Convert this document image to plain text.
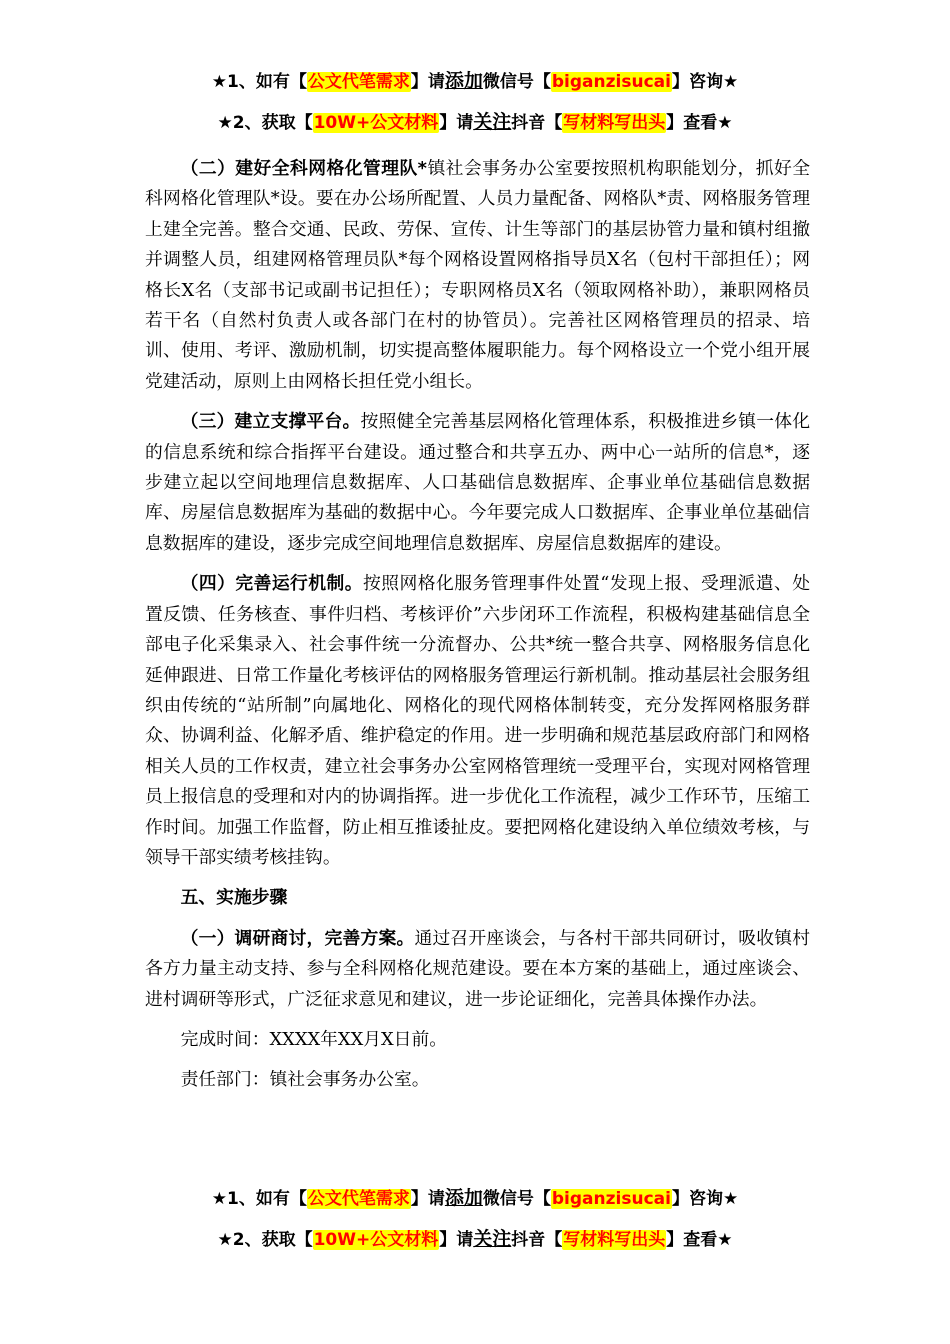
★1、如有【公文代笔需求】请添加微信号【biganzisucai】咨询★
★2、获取【10W+公文材料】请关注抖音【写材料写出头】查看★

（二）建好全科网格化管理队*镇社会事务办公室要按照机构职能划分，抓好全科网格化管理队*设。要在办公场所配置、人员力量配备、网格队*责、网格服务管理上建全完善。整合交通、民政、劳保、宣传、计生等部门的基层协管力量和镇村组撤并调整人员，组建网格管理员队*每个网格设置网格指导员X名（包村干部担任）；网格长X名（支部书记或副书记担任）；专职网格员X名（领取网格补助），兼职网格员若干名（自然村负责人或各部门在村的协管员）。完善社区网格管理员的招录、培训、使用、考评、激励机制，切实提高整体履职能力。每个网格设立一个党小组开展党建活动，原则上由网格长担任党小组长。

（三）建立支撑平台。按照健全完善基层网格化管理体系，积极推进乡镇一体化的信息系统和综合指挥平台建设。通过整合和共享五办、两中心一站所的信息*，逐步建立起以空间地理信息数据库、人口基础信息数据库、企事业单位基础信息数据库、房屋信息数据库为基础的数据中心。今年要完成人口数据库、企事业单位基础信息数据库的建设，逐步完成空间地理信息数据库、房屋信息数据库的建设。

（四）完善运行机制。按照网格化服务管理事件处置“发现上报、受理派遣、处置反馈、任务核查、事件归档、考核评价”六步闭环工作流程，积极构建基础信息全部电子化采集录入、社会事件统一分流督办、公共*统一整合共享、网格服务信息化延伸跟进、日常工作量化考核评估的网格服务管理运行新机制。推动基层社会服务组织由传统的“站所制”向属地化、网格化的现代网格体制转变，充分发挥网格服务群众、协调利益、化解矛盾、维护稳定的作用。进一步明确和规范基层政府部门和网格相关人员的工作权责，建立社会事务办公室网格管理统一受理平台，实现对网格管理员上报信息的受理和对内的协调指挥。进一步优化工作流程，减少工作环节，压缩工作时间。加强工作监督，防止相互推诿扯皮。要把网格化建设纳入单位绩效考核，与领导干部实绩考核挂钩。

五、实施步骤

（一）调研商讨，完善方案。通过召开座谈会，与各村干部共同研讨，吸收镇村各方力量主动支持、参与全科网格化规范建设。要在本方案的基础上，通过座谈会、进村调研等形式，广泛征求意见和建议，进一步论证细化，完善具体操作办法。

完成时间：XXXX年XX月X日前。

责任部门：镇社会事务办公室。

★1、如有【公文代笔需求】请添加微信号【biganzisucai】咨询★
★2、获取【10W+公文材料】请关注抖音【写材料写出头】查看★
